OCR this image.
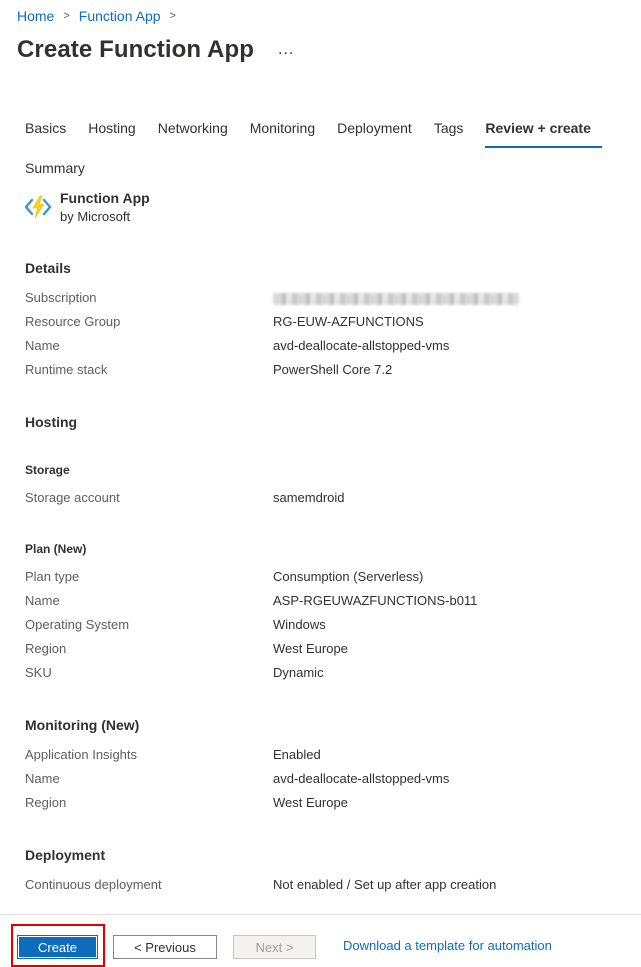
Home > Function App >
Create Function App ...
Basics	Hosting	Networking	Monitoring	Deployment	Tags	Review + create
Summary
Function App
by Microsoft
Details
Subscription
Resource Group	RG-EUW-AZFUNCTIONS
Name	avd-deallocate-allstopped-vms
Runtime stack	PowerShell Core 7.2
Hosting
Storage
Storage account	samemdroid
Plan (New)
Plan type	Consumption (Serverless)
Name	ASP-RGEUWAZFUNCTIONS-b011
Operating System	Windows
Region	West Europe
SKU	Dynamic
Monitoring (New)
Application Insights	Enabled
Name	avd-deallocate-allstopped-vms
Region	West Europe
Deployment
Continuous deployment	Not enabled / Set up after app creation
Create	< Previous	Next >	Download a template for automation
